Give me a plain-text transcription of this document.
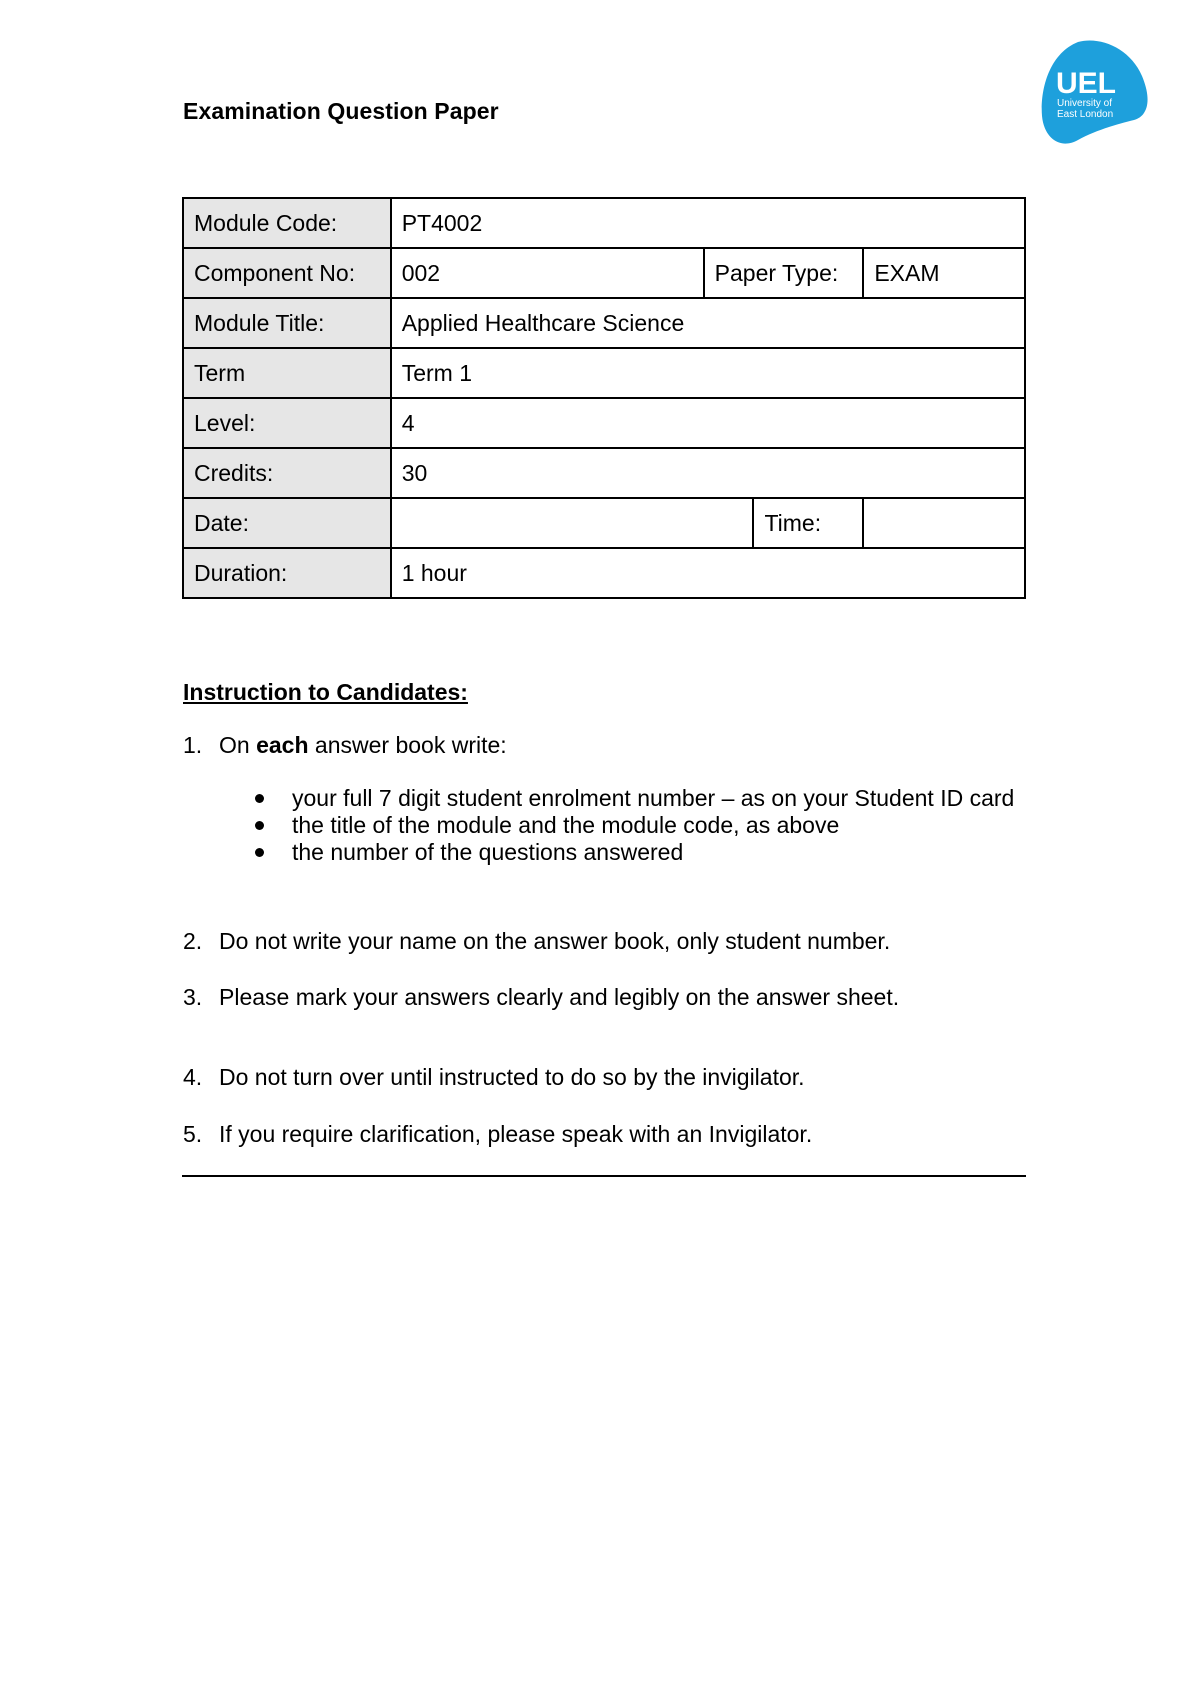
Examination Question Paper
UEL
University of
East London
Module Code:	PT4002			
Component No:	002	Paper Type:		EXAM
Module Title:	Applied Healthcare Science			
Term	Term 1			
Level:	4			
Credits:	30			
Date:			Time:	
Duration:	1 hour			
Instruction to Candidates:
1. On each answer book write:
your full 7 digit student enrolment number – as on your Student ID card
the title of the module and the module code, as above
the number of the questions answered
2. Do not write your name on the answer book, only student number.
3. Please mark your answers clearly and legibly on the answer sheet.
4. Do not turn over until instructed to do so by the invigilator.
5. If you require clarification, please speak with an Invigilator.
